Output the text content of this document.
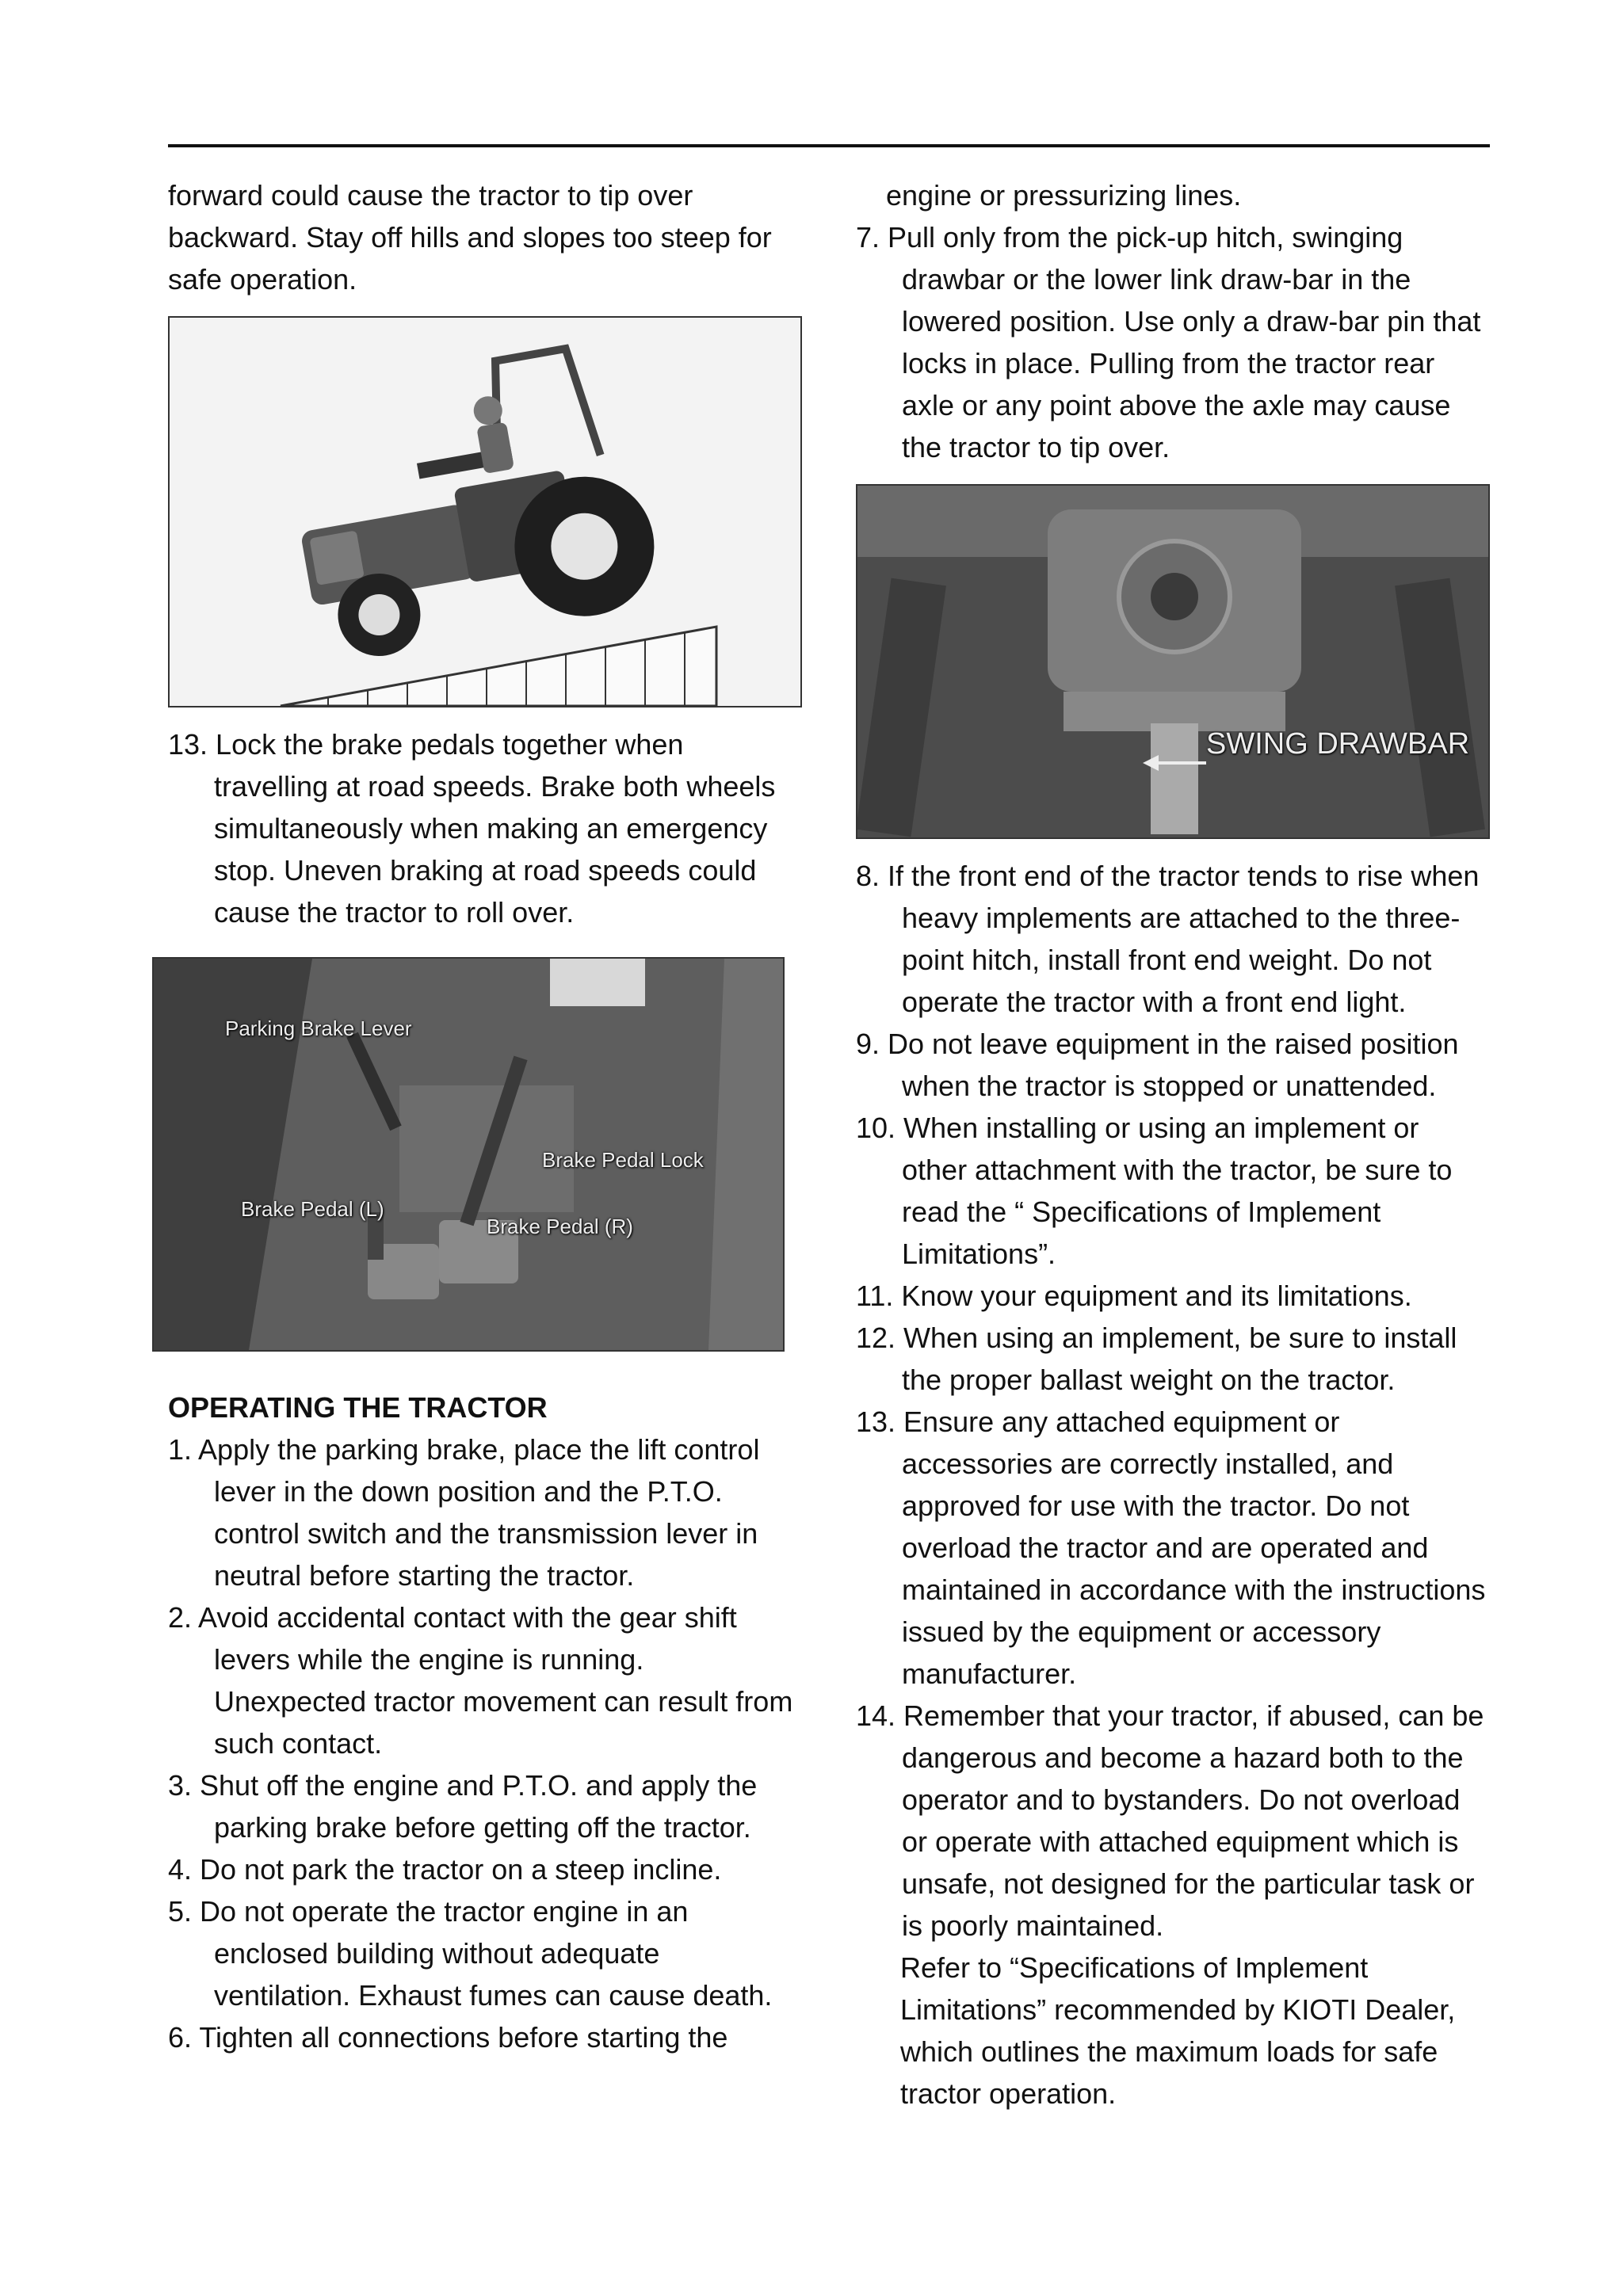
forward could cause the tractor to tip over backward. Stay off hills and slopes too steep for safe operation.

13. Lock the brake pedals together when travelling at road speeds. Brake both wheels simultaneously when making an emergency stop. Uneven braking at road speeds could cause the tractor to roll over.

Parking Brake Lever
Brake Pedal Lock
Brake Pedal (L)
Brake Pedal (R)

OPERATING THE TRACTOR

1. Apply the parking brake, place the lift control lever in the down position and the P.T.O. control switch and the transmission lever in neutral before starting the tractor.

2. Avoid accidental contact with the gear shift levers while the engine is running. Unexpected tractor movement can result from such contact.

3. Shut off the engine and P.T.O. and apply the parking brake before getting off the tractor.

4. Do not park the tractor on a steep incline.

5. Do not operate the tractor engine in an enclosed building without adequate ventilation. Exhaust fumes can cause death.

6. Tighten all connections before starting the

engine or pressurizing lines.

7. Pull only from the pick-up hitch, swinging drawbar or the lower link draw-bar in the lowered position. Use only a draw-bar pin that locks in place. Pulling from the tractor rear axle or any point above the axle may cause the tractor to tip over.

SWING DRAWBAR

8. If the front end of the tractor tends to rise when heavy implements are attached to the three-point hitch, install front end weight. Do not operate the tractor with a front end light.

9. Do not leave equipment in the raised position when the tractor is stopped or unattended.

10. When installing or using an implement or other attachment with the tractor, be sure to read the “ Specifications of Implement Limitations”.

11. Know your equipment and its limitations.

12. When using an implement, be sure to install the proper ballast weight on the tractor.

13. Ensure any attached equipment or accessories are correctly installed, and approved for use with the tractor. Do not overload the tractor and are operated and maintained in accordance with the instructions issued by the equipment or accessory manufacturer.

14. Remember that your tractor, if abused, can be dangerous and become a hazard both to the operator and to bystanders. Do not overload or operate with attached equipment which is unsafe, not designed for the particular task or is poorly maintained.

Refer to “Specifications of Implement Limitations” recommended by KIOTI Dealer, which outlines the maximum loads for safe tractor operation.
